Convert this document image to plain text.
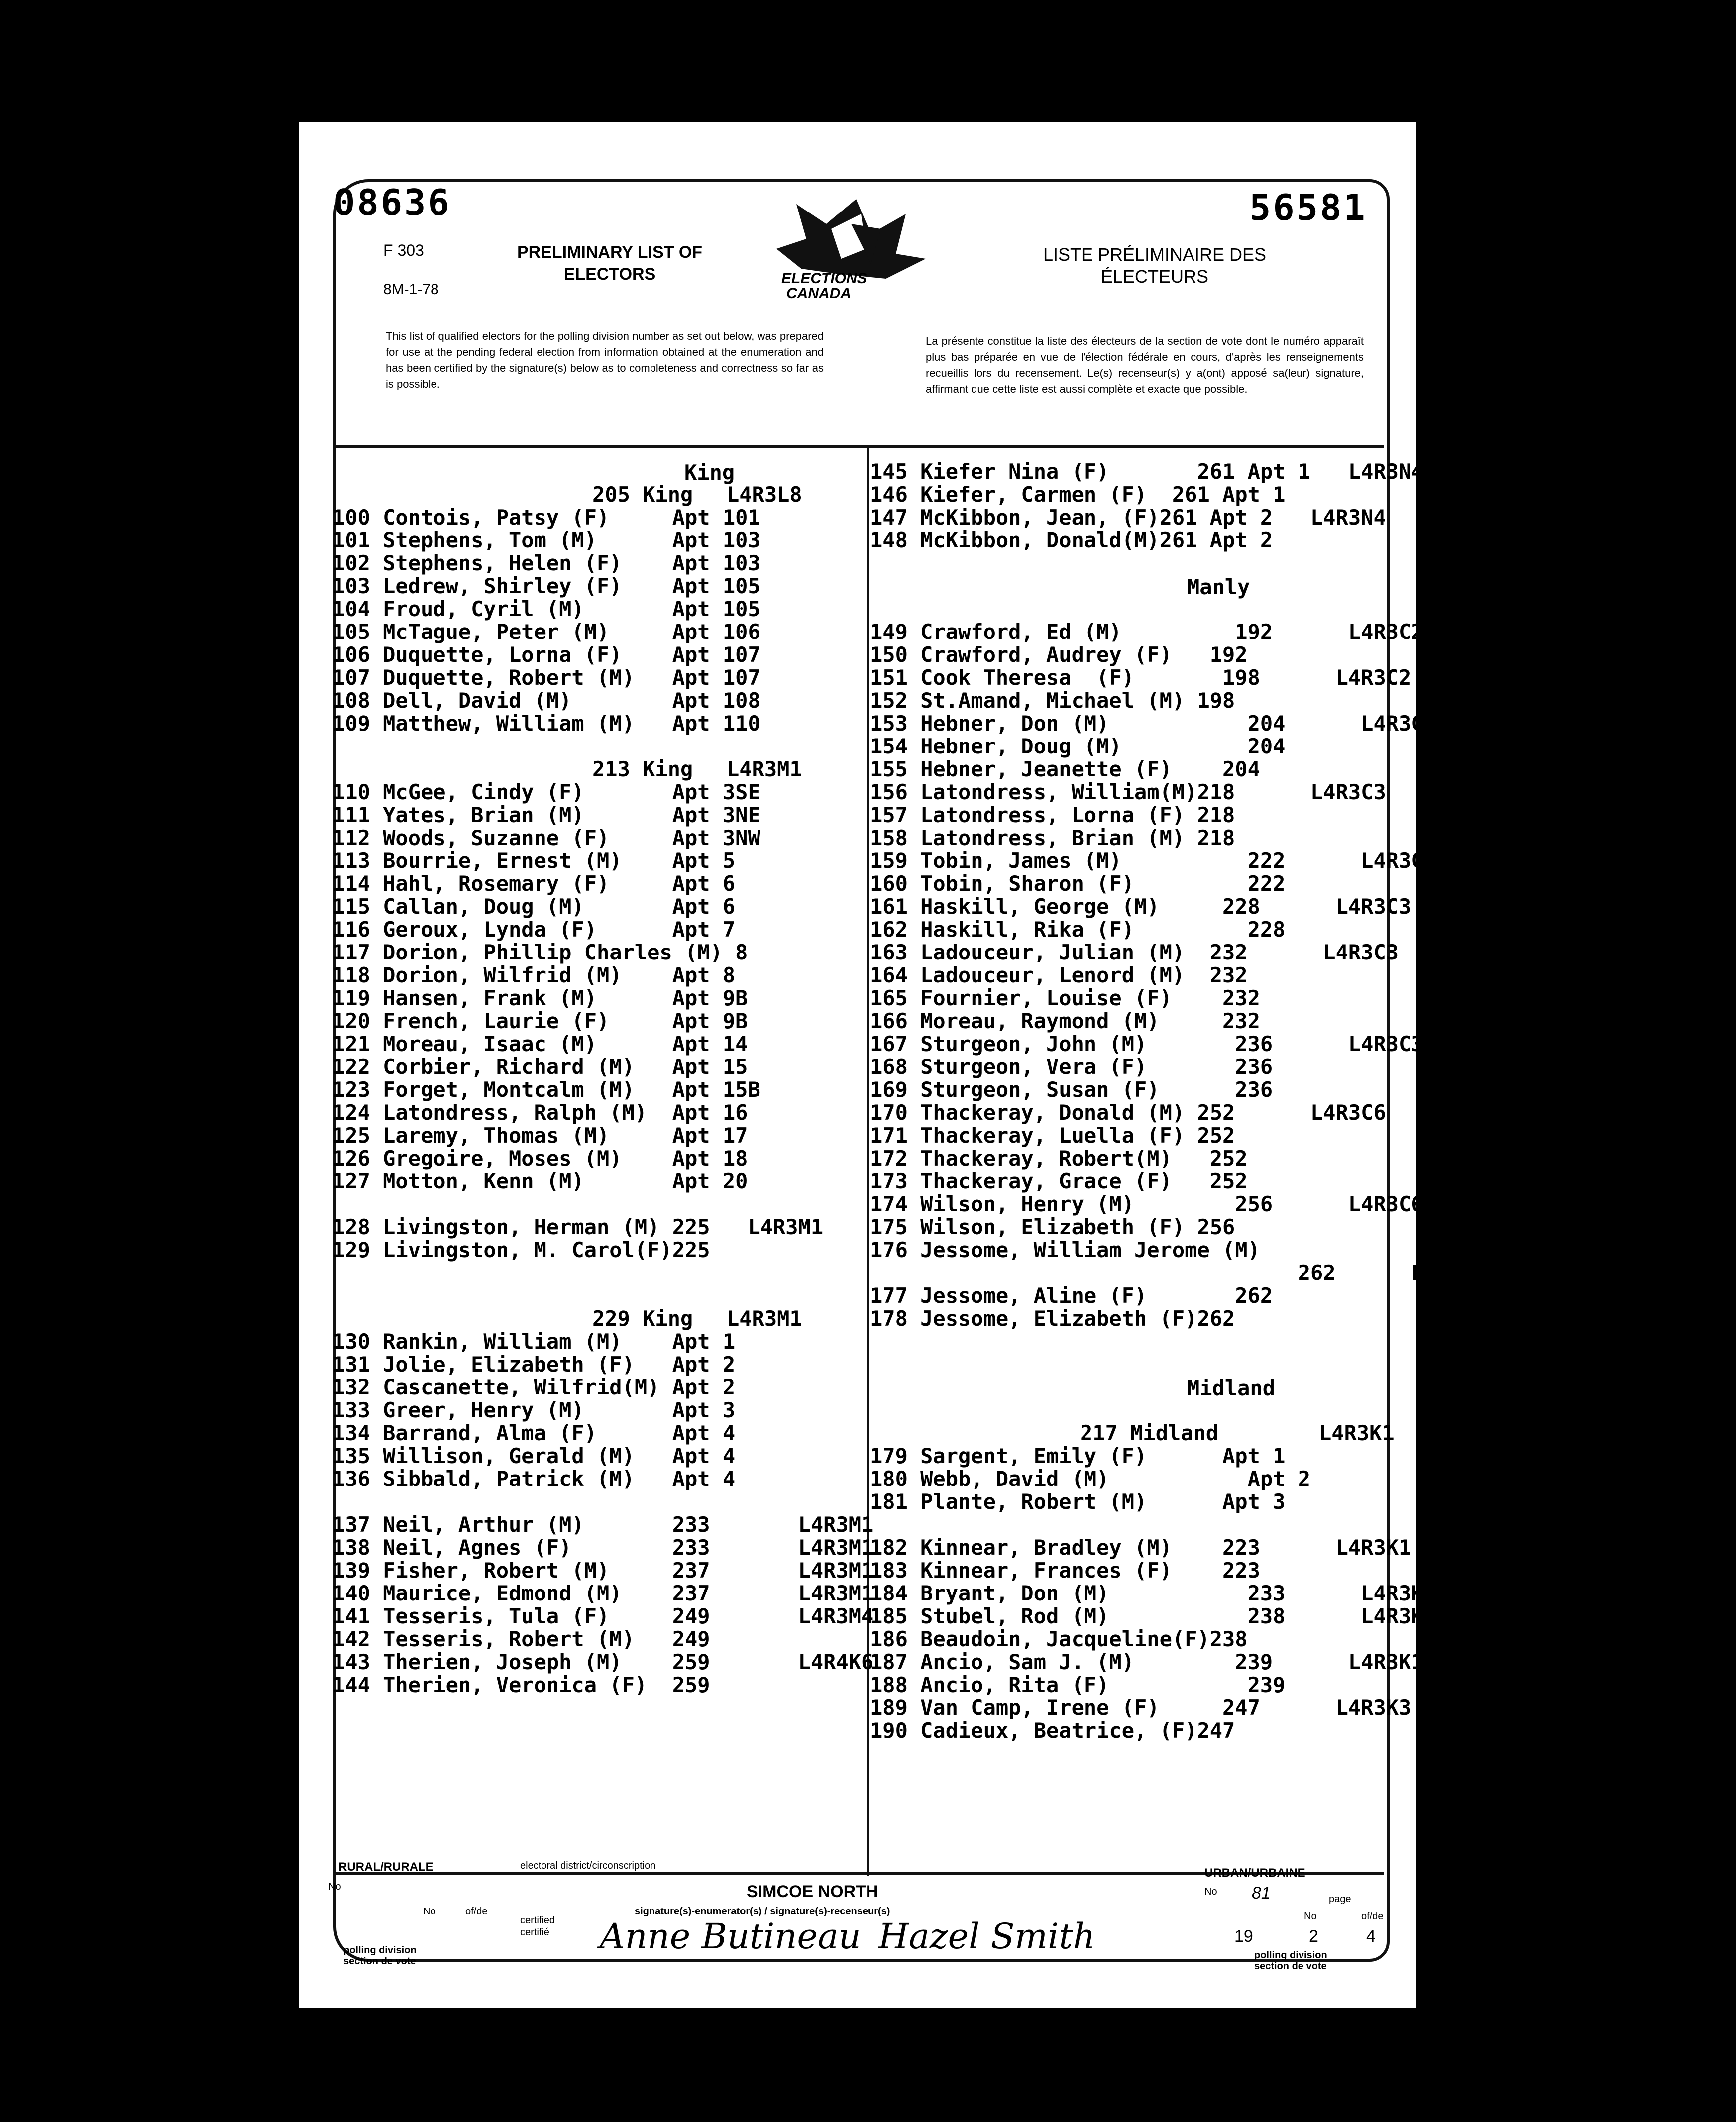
08636	56581
F 303
8M-1-78
PRELIMINARY LIST OF
ELECTORS
LISTE PRÉLIMINAIRE DES
ÉLECTEURS
ELECTIONS
CANADA
This list of qualified electors for the polling division number as set out below, was prepared for use at the pending federal election from information obtained at the enumeration and has been certified by the signature(s) below as to completeness and correctness so far as is possible.
La présente constitue la liste des électeurs de la section de vote dont le numéro apparaît plus bas préparée en vue de l'élection fédérale en cours, d'après les renseignements recueillis lors du recensement. Le(s) recenseur(s) y a(ont) apposé sa(leur) signature, affirmant que cette liste est aussi complète et exacte que possible.
King
205 King L4R3L8
100 Contois, Patsy (F)     Apt 101
101 Stephens, Tom (M)      Apt 103
102 Stephens, Helen (F)    Apt 103
103 Ledrew, Shirley (F)    Apt 105
104 Froud, Cyril (M)       Apt 105
105 McTague, Peter (M)     Apt 106
106 Duquette, Lorna (F)    Apt 107
107 Duquette, Robert (M)   Apt 107
108 Dell, David (M)        Apt 108
109 Matthew, William (M)   Apt 110
213 King L4R3M1
110 McGee, Cindy (F)       Apt 3SE
111 Yates, Brian (M)       Apt 3NE
112 Woods, Suzanne (F)     Apt 3NW
113 Bourrie, Ernest (M)    Apt 5
114 Hahl, Rosemary (F)     Apt 6
115 Callan, Doug (M)       Apt 6
116 Geroux, Lynda (F)      Apt 7
117 Dorion, Phillip Charles (M) 8
118 Dorion, Wilfrid (M)    Apt 8
119 Hansen, Frank (M)      Apt 9B
120 French, Laurie (F)     Apt 9B
121 Moreau, Isaac (M)      Apt 14
122 Corbier, Richard (M)   Apt 15
123 Forget, Montcalm (M)   Apt 15B
124 Latondress, Ralph (M)  Apt 16
125 Laremy, Thomas (M)     Apt 17
126 Gregoire, Moses (M)    Apt 18
127 Motton, Kenn (M)       Apt 20
128 Livingston, Herman (M) 225   L4R3M1
129 Livingston, M. Carol(F)225
229 King L4R3M1
130 Rankin, William (M)    Apt 1
131 Jolie, Elizabeth (F)   Apt 2
132 Cascanette, Wilfrid(M) Apt 2
133 Greer, Henry (M)       Apt 3
134 Barrand, Alma (F)      Apt 4
135 Willison, Gerald (M)   Apt 4
136 Sibbald, Patrick (M)   Apt 4
137 Neil, Arthur (M)       233       L4R3M1
138 Neil, Agnes (F)        233       L4R3M1
139 Fisher, Robert (M)     237       L4R3M1
140 Maurice, Edmond (M)    237       L4R3M1
141 Tesseris, Tula (F)     249       L4R3M4
142 Tesseris, Robert (M)   249
143 Therien, Joseph (M)    259       L4R4K6
144 Therien, Veronica (F)  259
145 Kiefer Nina (F)       261 Apt 1   L4R3N4
146 Kiefer, Carmen (F)  261 Apt 1
147 McKibbon, Jean, (F)261 Apt 2   L4R3N4
148 McKibbon, Donald(M)261 Apt 2
Manly
149 Crawford, Ed (M)         192      L4R3C2
150 Crawford, Audrey (F)   192
151 Cook Theresa  (F)       198      L4R3C2
152 St.Amand, Michael (M) 198
153 Hebner, Don (M)           204      L4R3C2
154 Hebner, Doug (M)          204
155 Hebner, Jeanette (F)    204
156 Latondress, William(M)218      L4R3C3
157 Latondress, Lorna (F) 218
158 Latondress, Brian (M) 218
159 Tobin, James (M)          222      L4R3C3
160 Tobin, Sharon (F)         222
161 Haskill, George (M)     228      L4R3C3
162 Haskill, Rika (F)         228
163 Ladouceur, Julian (M)  232      L4R3C3
164 Ladouceur, Lenord (M)  232
165 Fournier, Louise (F)    232
166 Moreau, Raymond (M)     232
167 Sturgeon, John (M)       236      L4R3C3
168 Sturgeon, Vera (F)       236
169 Sturgeon, Susan (F)      236
170 Thackeray, Donald (M) 252      L4R3C6
171 Thackeray, Luella (F) 252
172 Thackeray, Robert(M)   252
173 Thackeray, Grace (F)   252
174 Wilson, Henry (M)        256      L4R3C6
175 Wilson, Elizabeth (F) 256
176 Jessome, William Jerome (M)
262      L4R3C6
177 Jessome, Aline (F)       262
178 Jessome, Elizabeth (F)262
Midland
217 Midland	L4R3K1
179 Sargent, Emily (F)      Apt 1
180 Webb, David (M)           Apt 2
181 Plante, Robert (M)      Apt 3
182 Kinnear, Bradley (M)    223      L4R3K1
183 Kinnear, Frances (F)    223
184 Bryant, Don (M)           233      L4R3K1
185 Stubel, Rod (M)           238      L4R3K2
186 Beaudoin, Jacqueline(F)238
187 Ancio, Sam J. (M)        239      L4R3K1
188 Ancio, Rita (F)           239
189 Van Camp, Irene (F)     247      L4R3K3
190 Cadieux, Beatrice, (F)247
RURAL/RURALE	electoral district/circonscription
URBAN/URBAINE
No	SIMCOE NORTH	No 81	page
No	of/de	signature(s)-enumerator(s) / signature(s)-recenseur(s)
certified
certifié
No	of/de
19	2	4
polling division
section de vote
polling division
section de vote
Anne Butineau Hazel Smith
